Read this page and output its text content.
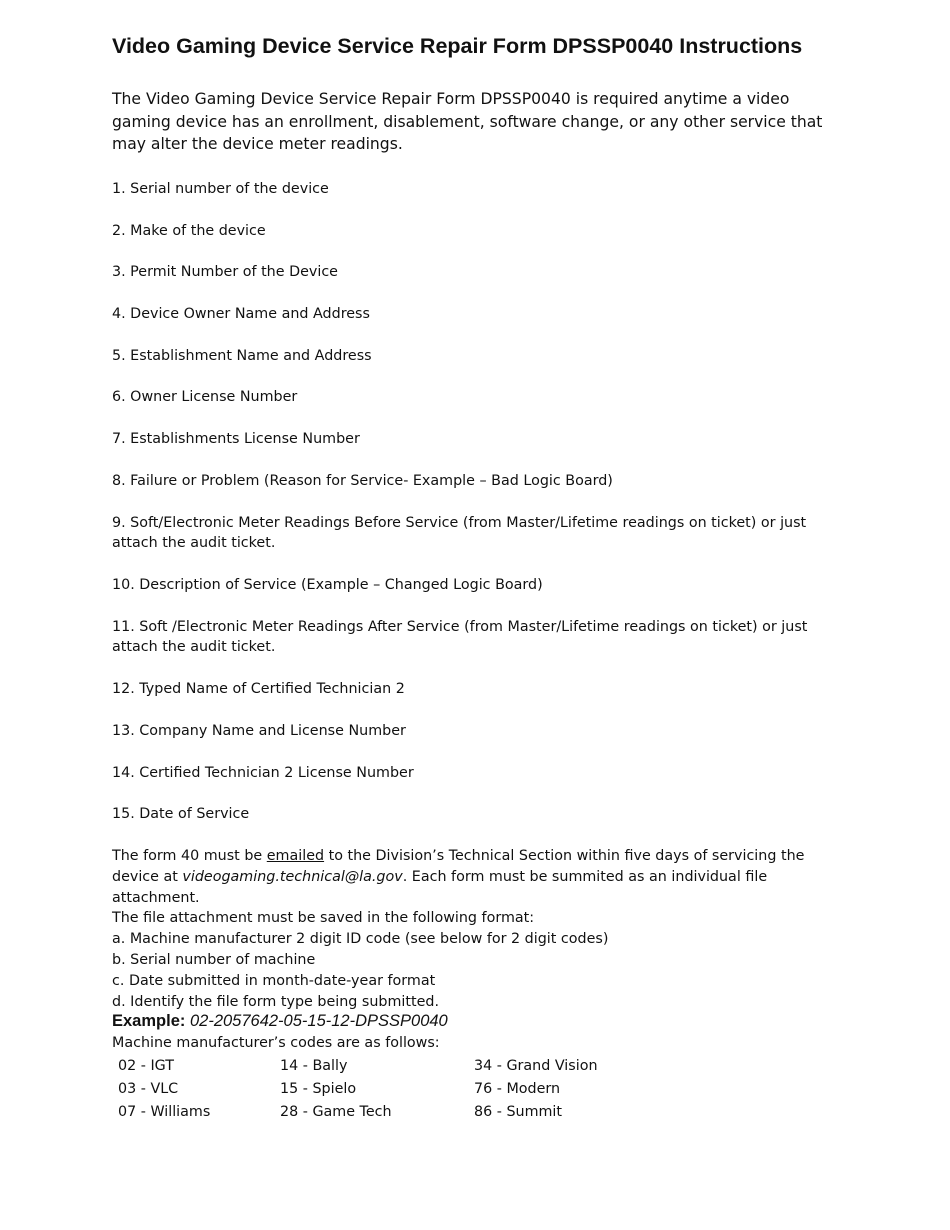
Video Gaming Device Service Repair Form DPSSP0040 Instructions

The Video Gaming Device Service Repair Form DPSSP0040 is required anytime a video gaming device has an enrollment, disablement, software change, or any other service that may alter the device meter readings.

1. Serial number of the device
2. Make of the device
3. Permit Number of the Device
4. Device Owner Name and Address
5. Establishment Name and Address
6. Owner License Number
7. Establishments License Number
8. Failure or Problem (Reason for Service- Example – Bad Logic Board)
9. Soft/Electronic Meter Readings Before Service (from Master/Lifetime readings on ticket) or just attach the audit ticket.
10. Description of Service (Example – Changed Logic Board)
11. Soft /Electronic Meter Readings After Service (from Master/Lifetime readings on ticket) or just attach the audit ticket.
12. Typed Name of Certified Technician 2
13. Company Name and License Number
14. Certified Technician 2 License Number
15. Date of Service

The form 40 must be emailed to the Division’s Technical Section within five days of servicing the device at videogaming.technical@la.gov. Each form must be summited as an individual file attachment.

The file attachment must be saved in the following format:

a. Machine manufacturer 2 digit ID code (see below for 2 digit codes)

b. Serial number of machine

c. Date submitted in month-date-year format

d. Identify the file form type being submitted.

Example: 02-2057642-05-15-12-DPSSP0040
Machine manufacturer’s codes are as follows:
02 - IGT	14 - Bally	34 - Grand Vision
03 - VLC	15 - Spielo	76 - Modern
07 - Williams	28 - Game Tech	86 - Summit
